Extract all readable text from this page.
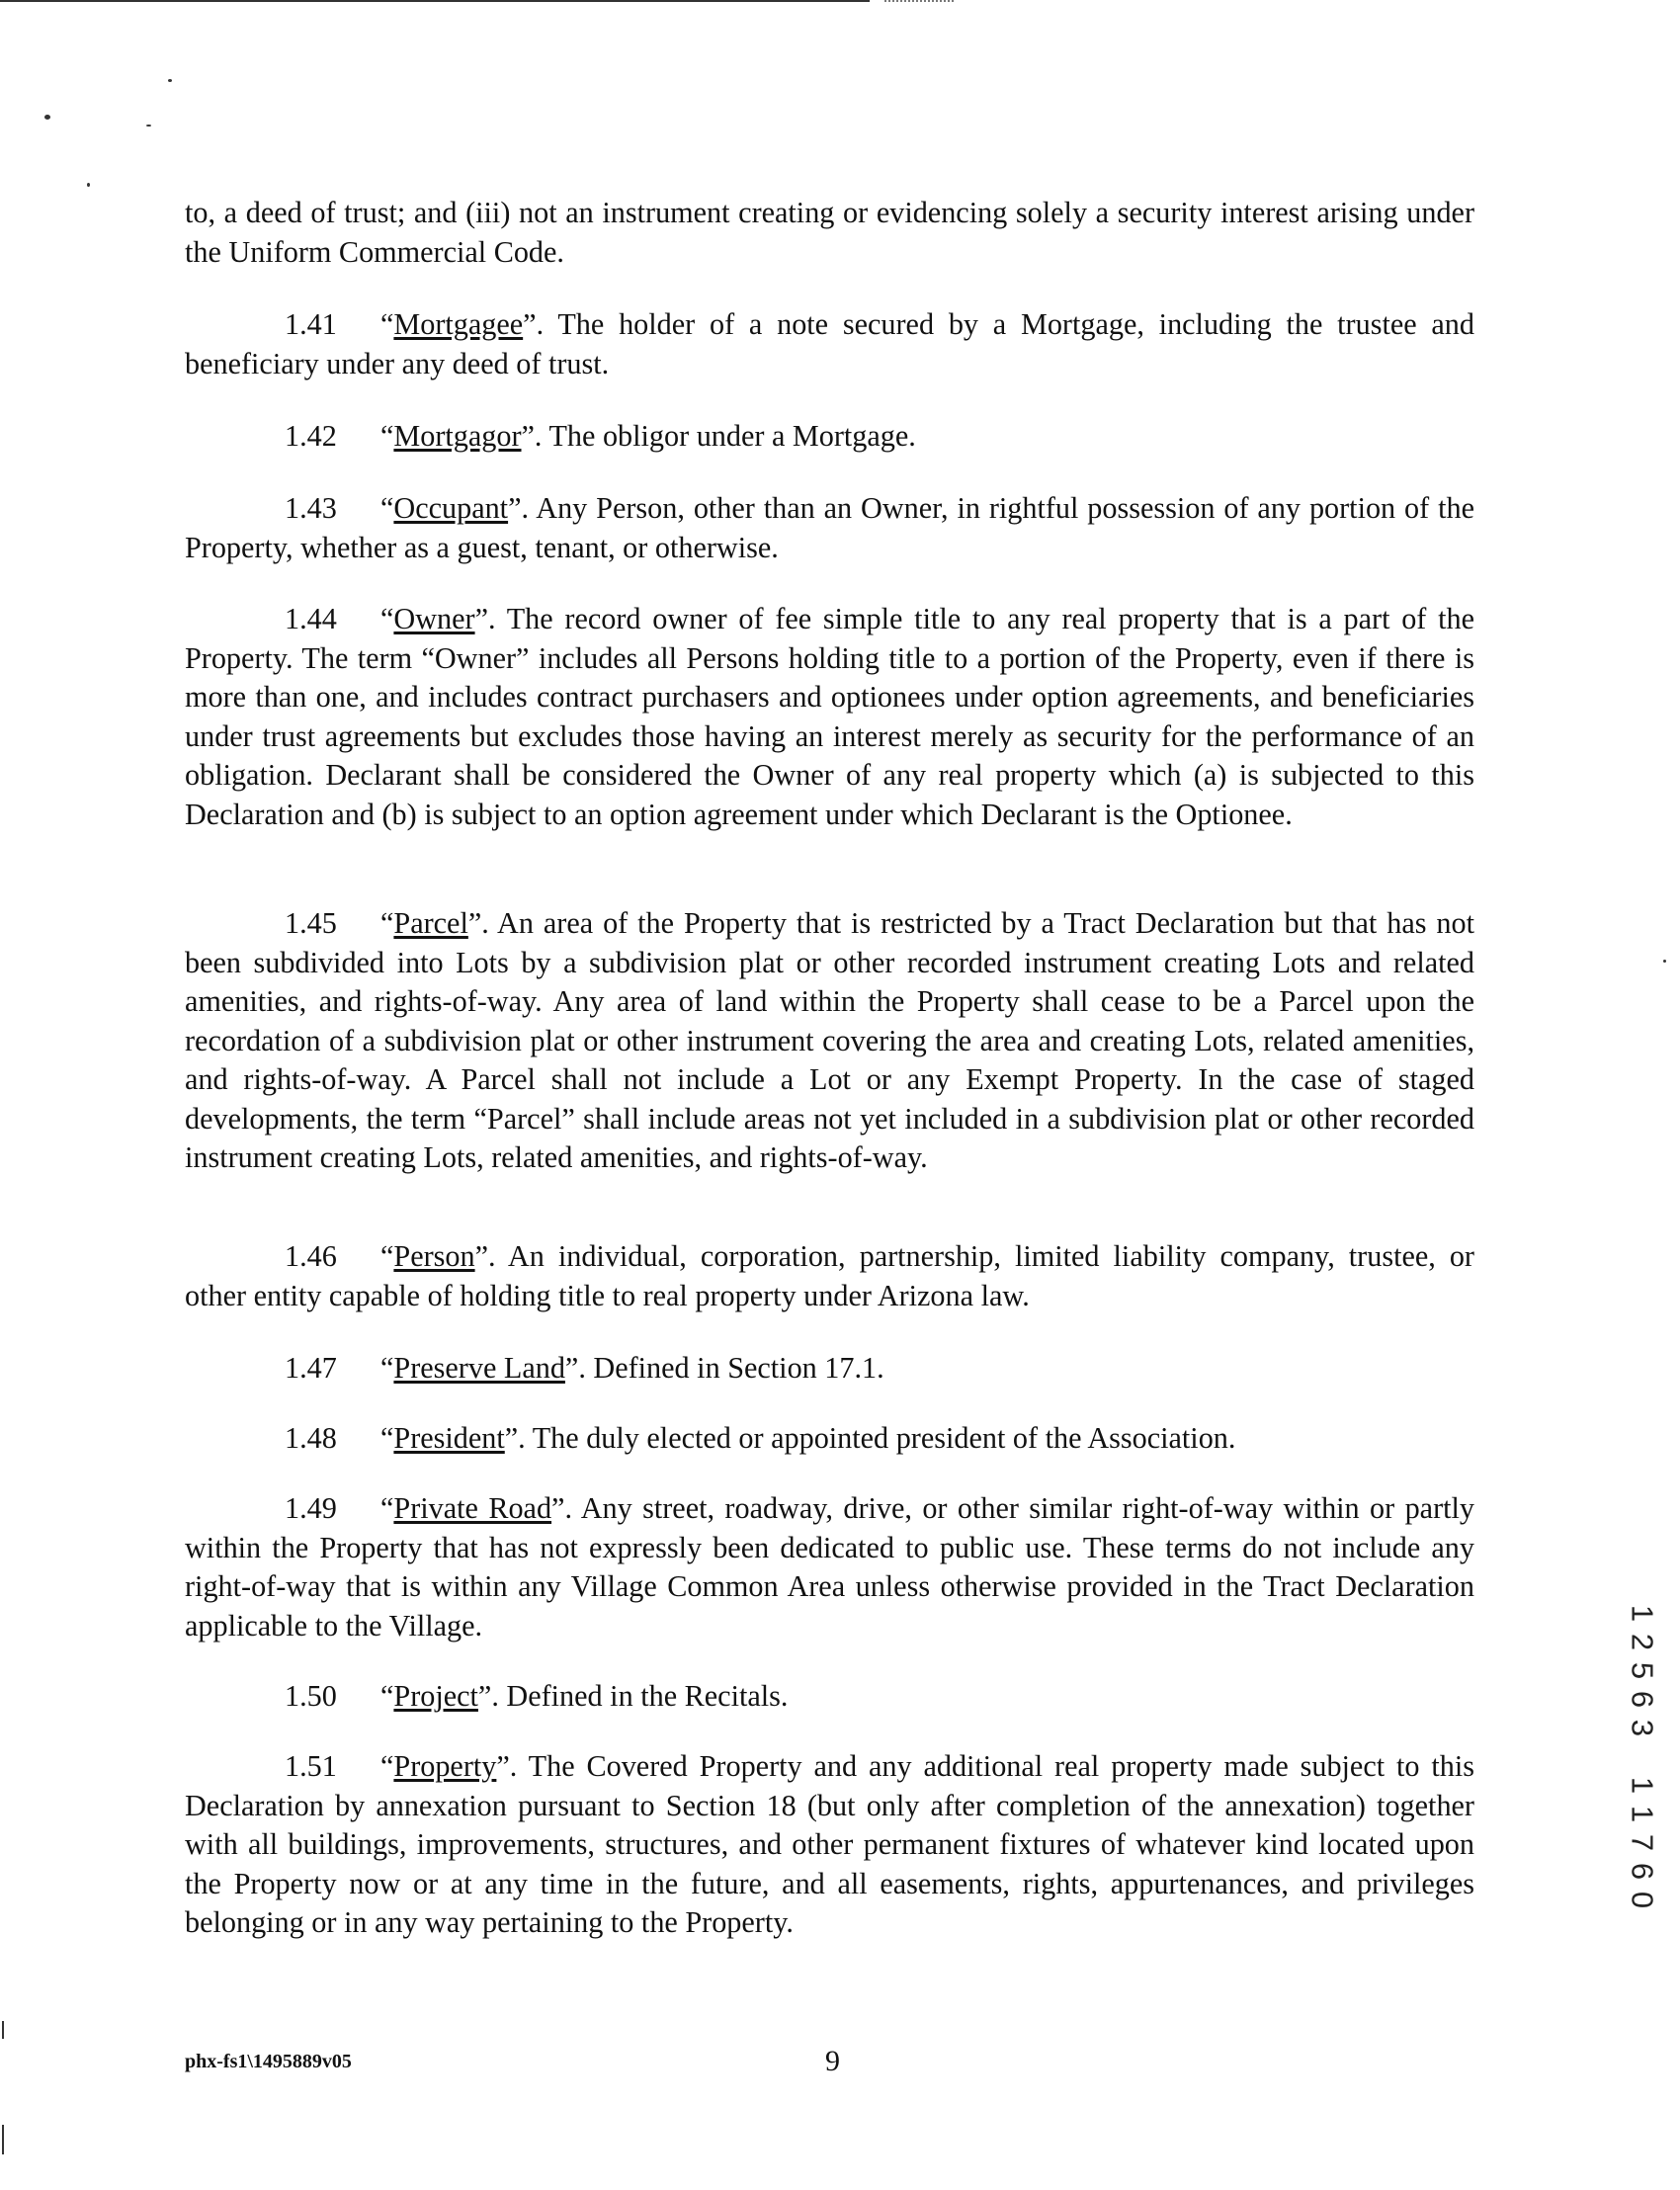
to, a deed of trust; and (iii) not an instrument creating or evidencing solely a security interest arising under the Uniform Commercial Code.

1.41 “Mortgagee”. The holder of a note secured by a Mortgage, including the trustee and beneficiary under any deed of trust.

1.42 “Mortgagor”. The obligor under a Mortgage.

1.43 “Occupant”. Any Person, other than an Owner, in rightful possession of any portion of the Property, whether as a guest, tenant, or otherwise.

1.44 “Owner”. The record owner of fee simple title to any real property that is a part of the Property. The term “Owner” includes all Persons holding title to a portion of the Property, even if there is more than one, and includes contract purchasers and optionees under option agreements, and beneficiaries under trust agreements but excludes those having an interest merely as security for the performance of an obligation. Declarant shall be considered the Owner of any real property which (a) is subjected to this Declaration and (b) is subject to an option agreement under which Declarant is the Optionee.

1.45 “Parcel”. An area of the Property that is restricted by a Tract Declaration but that has not been subdivided into Lots by a subdivision plat or other recorded instrument creating Lots and related amenities, and rights-of-way. Any area of land within the Property shall cease to be a Parcel upon the recordation of a subdivision plat or other instrument covering the area and creating Lots, related amenities, and rights-of-way. A Parcel shall not include a Lot or any Exempt Property. In the case of staged developments, the term “Parcel” shall include areas not yet included in a subdivision plat or other recorded instrument creating Lots, related amenities, and rights-of-way.

1.46 “Person”. An individual, corporation, partnership, limited liability company, trustee, or other entity capable of holding title to real property under Arizona law.

1.47 “Preserve Land”. Defined in Section 17.1.

1.48 “President”. The duly elected or appointed president of the Association.

1.49 “Private Road”. Any street, roadway, drive, or other similar right-of-way within or partly within the Property that has not expressly been dedicated to public use. These terms do not include any right-of-way that is within any Village Common Area unless otherwise provided in the Tract Declaration applicable to the Village.

1.50 “Project”. Defined in the Recitals.

1.51 “Property”. The Covered Property and any additional real property made subject to this Declaration by annexation pursuant to Section 18 (but only after completion of the annexation) together with all buildings, improvements, structures, and other permanent fixtures of whatever kind located upon the Property now or at any time in the future, and all easements, rights, appurtenances, and privileges belonging or in any way pertaining to the Property.

1
2
5
6
3

1
1
7
6
0
phx-fs1\1495889v05	9
